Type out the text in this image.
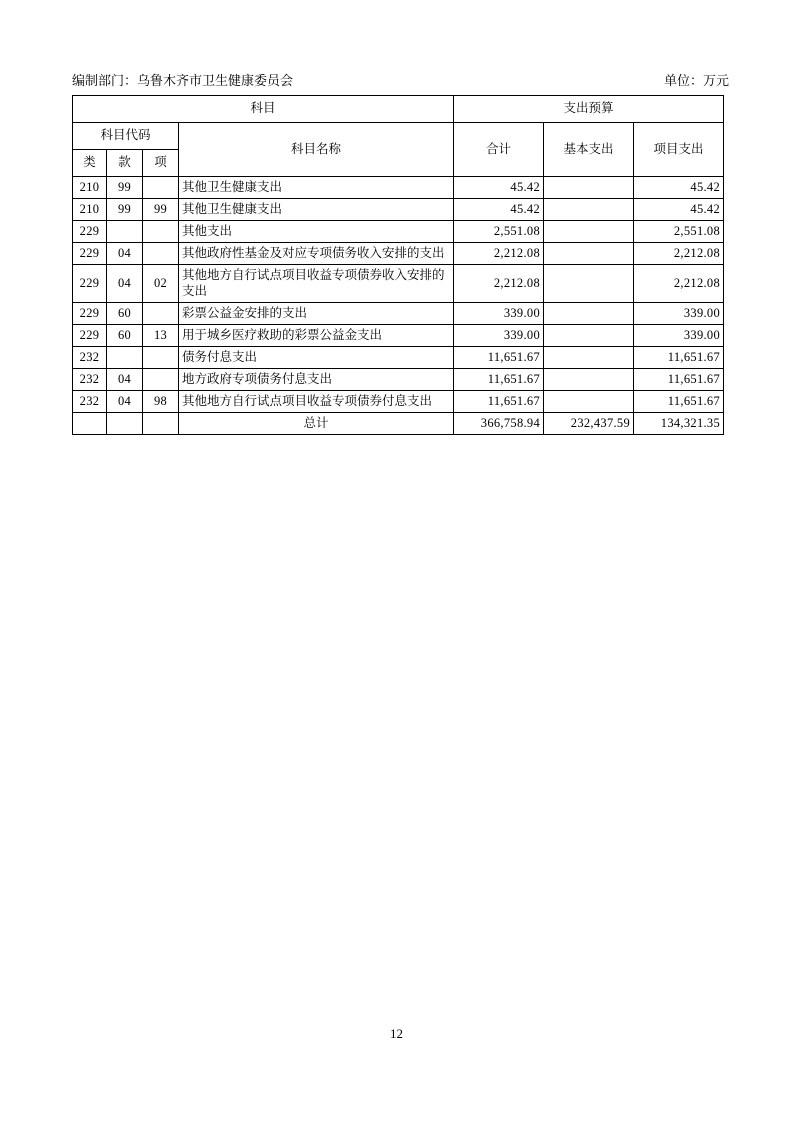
编制部门：乌鲁木齐市卫生健康委员会	单位：万元
科目				支出预算		
科目代码			科目名称	合计	基本支出	项目支出
类	款	项				
210	99		其他卫生健康支出	45.42		45.42
210	99	99	其他卫生健康支出	45.42		45.42
229			其他支出	2,551.08		2,551.08
229	04		其他政府性基金及对应专项债务收入安排的支出	2,212.08		2,212.08
229	04	02	其他地方自行试点项目收益专项债券收入安排的支出	2,212.08		2,212.08
229	60		彩票公益金安排的支出	339.00		339.00
229	60	13	用于城乡医疗救助的彩票公益金支出	339.00		339.00
232			债务付息支出	11,651.67		11,651.67
232	04		地方政府专项债务付息支出	11,651.67		11,651.67
232	04	98	其他地方自行试点项目收益专项债券付息支出	11,651.67		11,651.67
			总计	366,758.94	232,437.59	134,321.35
12
